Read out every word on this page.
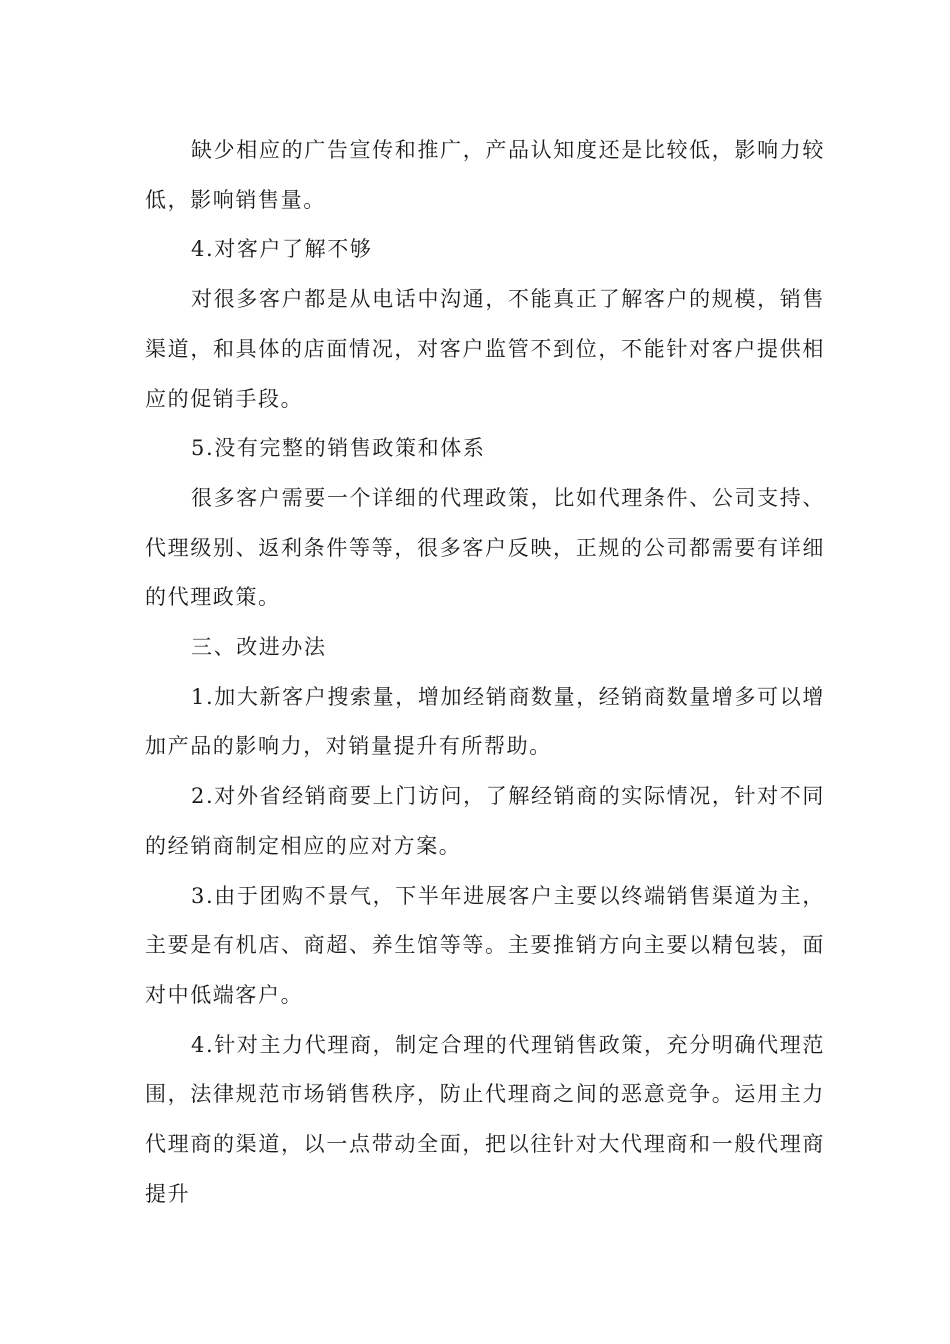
缺少相应的广告宣传和推广，产品认知度还是比较低，影响力较低，影响销售量。

4.对客户了解不够

对很多客户都是从电话中沟通，不能真正了解客户的规模，销售渠道，和具体的店面情况，对客户监管不到位，不能针对客户提供相应的促销手段。

5.没有完整的销售政策和体系

很多客户需要一个详细的代理政策，比如代理条件、公司支持、代理级别、返利条件等等，很多客户反映，正规的公司都需要有详细的代理政策。

三、改进办法

1.加大新客户搜索量，增加经销商数量，经销商数量增多可以增加产品的影响力，对销量提升有所帮助。

2.对外省经销商要上门访问，了解经销商的实际情况，针对不同的经销商制定相应的应对方案。

3.由于团购不景气，下半年进展客户主要以终端销售渠道为主，主要是有机店、商超、养生馆等等。主要推销方向主要以精包装，面对中低端客户。

4.针对主力代理商，制定合理的代理销售政策，充分明确代理范围，法律规范市场销售秩序，防止代理商之间的恶意竞争。运用主力代理商的渠道，以一点带动全面，把以往针对大代理商和一般代理商提升
